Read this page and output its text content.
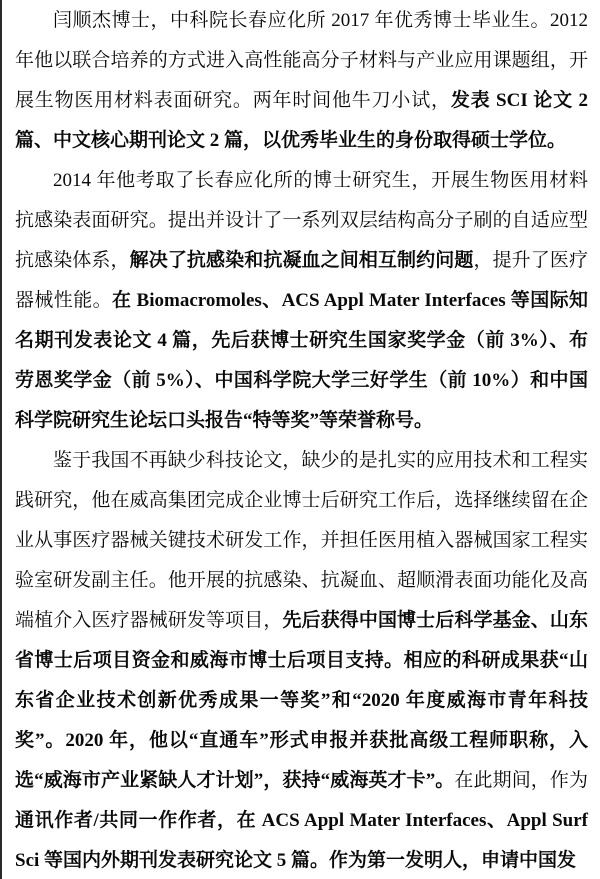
闫顺杰博士，中科院长春应化所 2017 年优秀博士毕业生。2012 年他以联合培养的方式进入高性能高分子材料与产业应用课题组，开展生物医用材料表面研究。两年时间他牛刀小试，发表 SCI 论文 2 篇、中文核心期刊论文 2 篇，以优秀毕业生的身份取得硕士学位。

2014 年他考取了长春应化所的博士研究生，开展生物医用材料抗感染表面研究。提出并设计了一系列双层结构高分子刷的自适应型抗感染体系，解决了抗感染和抗凝血之间相互制约问题，提升了医疗器械性能。在 Biomacromoles、ACS Appl Mater Interfaces 等国际知名期刊发表论文 4 篇，先后获博士研究生国家奖学金（前 3%）、布劳恩奖学金（前 5%）、中国科学院大学三好学生（前 10%）和中国科学院研究生论坛口头报告“特等奖”等荣誉称号。

鉴于我国不再缺少科技论文，缺少的是扎实的应用技术和工程实践研究，他在威高集团完成企业博士后研究工作后，选择继续留在企业从事医疗器械关键技术研发工作，并担任医用植入器械国家工程实验室研发副主任。他开展的抗感染、抗凝血、超顺滑表面功能化及高端植介入医疗器械研发等项目，先后获得中国博士后科学基金、山东省博士后项目资金和威海市博士后项目支持。相应的科研成果获“山东省企业技术创新优秀成果一等奖”和“2020 年度威海市青年科技奖”。2020 年，他以“直通车”形式申报并获批高级工程师职称，入选“威海市产业紧缺人才计划”，获持“威海英才卡”。在此期间，作为通讯作者/共同一作作者，在 ACS Appl Mater Interfaces、Appl Surf Sci 等国内外期刊发表研究论文 5 篇。作为第一发明人，申请中国发
